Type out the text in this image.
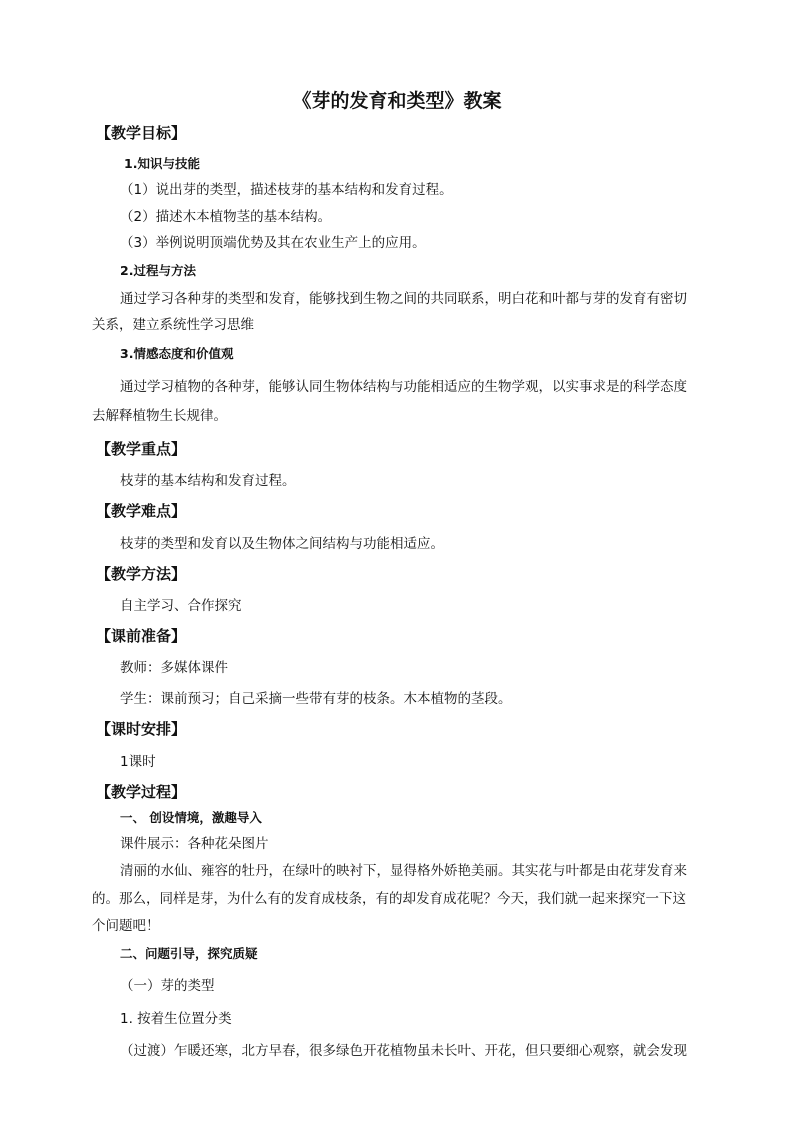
《芽的发育和类型》教案
【教学目标】
1.知识与技能
（1）说出芽的类型，描述枝芽的基本结构和发育过程。
（2）描述木本植物茎的基本结构。
（3）举例说明顶端优势及其在农业生产上的应用。
2.过程与方法
通过学习各种芽的类型和发育，能够找到生物之间的共同联系，明白花和叶都与芽的发育有密切
关系，建立系统性学习思维
3.情感态度和价值观
通过学习植物的各种芽，能够认同生物体结构与功能相适应的生物学观，以实事求是的科学态度
去解释植物生长规律。
【教学重点】
枝芽的基本结构和发育过程。
【教学难点】
枝芽的类型和发育以及生物体之间结构与功能相适应。
【教学方法】
自主学习、合作探究
【课前准备】
教师：多媒体课件
学生：课前预习；自己采摘一些带有芽的枝条。木本植物的茎段。
【课时安排】
1课时
【教学过程】
一、 创设情境，激趣导入
课件展示：各种花朵图片
清丽的水仙、雍容的牡丹，在绿叶的映衬下，显得格外娇艳美丽。其实花与叶都是由花芽发育来
的。那么，同样是芽，为什么有的发育成枝条，有的却发育成花呢？今天，我们就一起来探究一下这
个问题吧！
二、问题引导，探究质疑
（一）芽的类型
1. 按着生位置分类
（过渡）乍暖还寒，北方早春，很多绿色开花植物虽未长叶、开花，但只要细心观察，就会发现
